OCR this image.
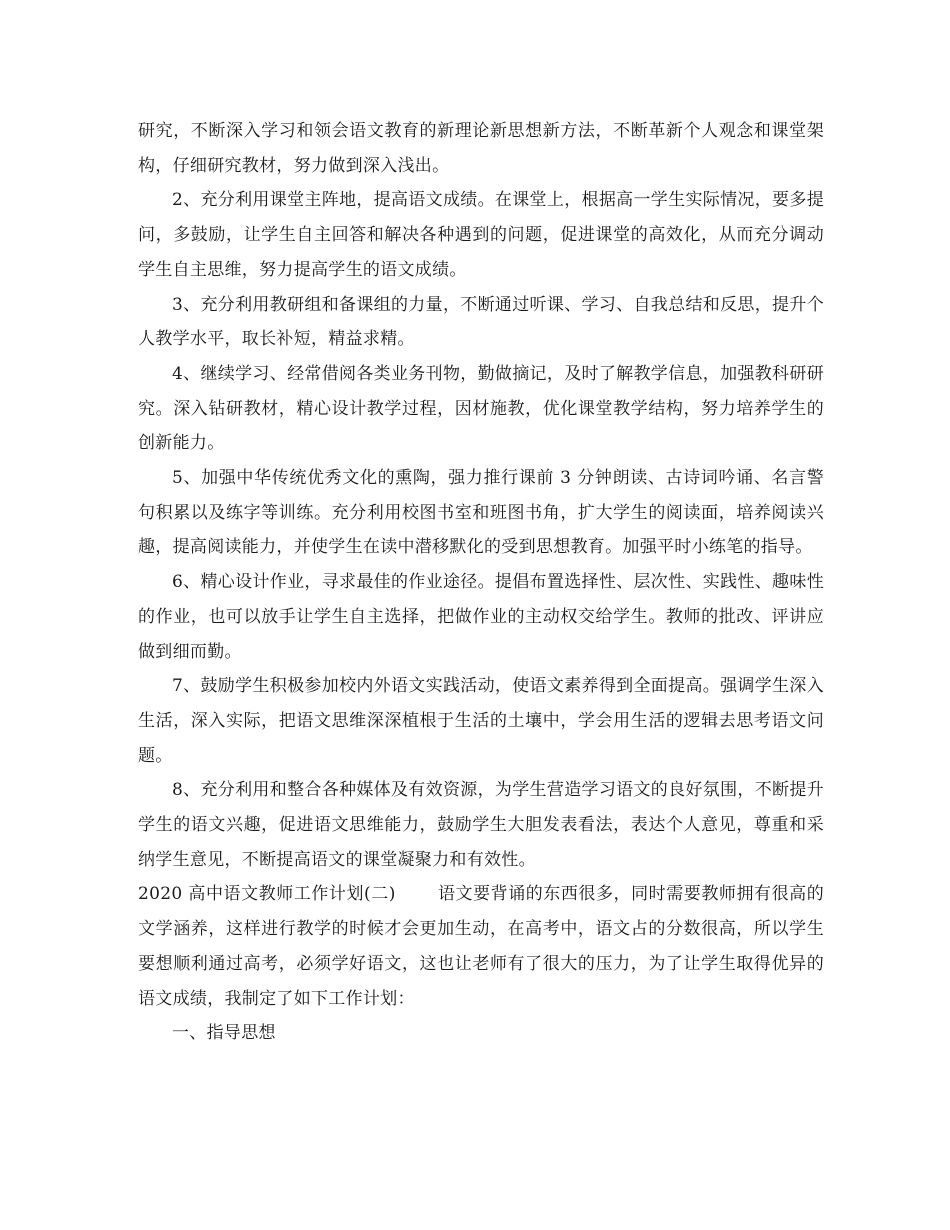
研究，不断深入学习和领会语文教育的新理论新思想新方法，不断革新个人观念和课堂架构，仔细研究教材，努力做到深入浅出。

2、充分利用课堂主阵地，提高语文成绩。在课堂上，根据高一学生实际情况，要多提问，多鼓励，让学生自主回答和解决各种遇到的问题，促进课堂的高效化，从而充分调动学生自主思维，努力提高学生的语文成绩。

3、充分利用教研组和备课组的力量，不断通过听课、学习、自我总结和反思，提升个人教学水平，取长补短，精益求精。

4、继续学习、经常借阅各类业务刊物，勤做摘记，及时了解教学信息，加强教科研研究。深入钻研教材，精心设计教学过程，因材施教，优化课堂教学结构，努力培养学生的创新能力。

5、加强中华传统优秀文化的熏陶，强力推行课前 3 分钟朗读、古诗词吟诵、名言警句积累以及练字等训练。充分利用校图书室和班图书角，扩大学生的阅读面，培养阅读兴趣，提高阅读能力，并使学生在读中潜移默化的受到思想教育。加强平时小练笔的指导。

6、精心设计作业，寻求最佳的作业途径。提倡布置选择性、层次性、实践性、趣味性的作业，也可以放手让学生自主选择，把做作业的主动权交给学生。教师的批改、评讲应做到细而勤。

7、鼓励学生积极参加校内外语文实践活动，使语文素养得到全面提高。强调学生深入生活，深入实际，把语文思维深深植根于生活的土壤中，学会用生活的逻辑去思考语文问题。

8、充分利用和整合各种媒体及有效资源，为学生营造学习语文的良好氛围，不断提升学生的语文兴趣，促进语文思维能力，鼓励学生大胆发表看法，表达个人意见，尊重和采纳学生意见，不断提高语文的课堂凝聚力和有效性。

2020 高中语文教师工作计划(二) 语文要背诵的东西很多，同时需要教师拥有很高的文学涵养，这样进行教学的时候才会更加生动，在高考中，语文占的分数很高，所以学生要想顺利通过高考，必须学好语文，这也让老师有了很大的压力，为了让学生取得优异的语文成绩，我制定了如下工作计划：

一、指导思想
